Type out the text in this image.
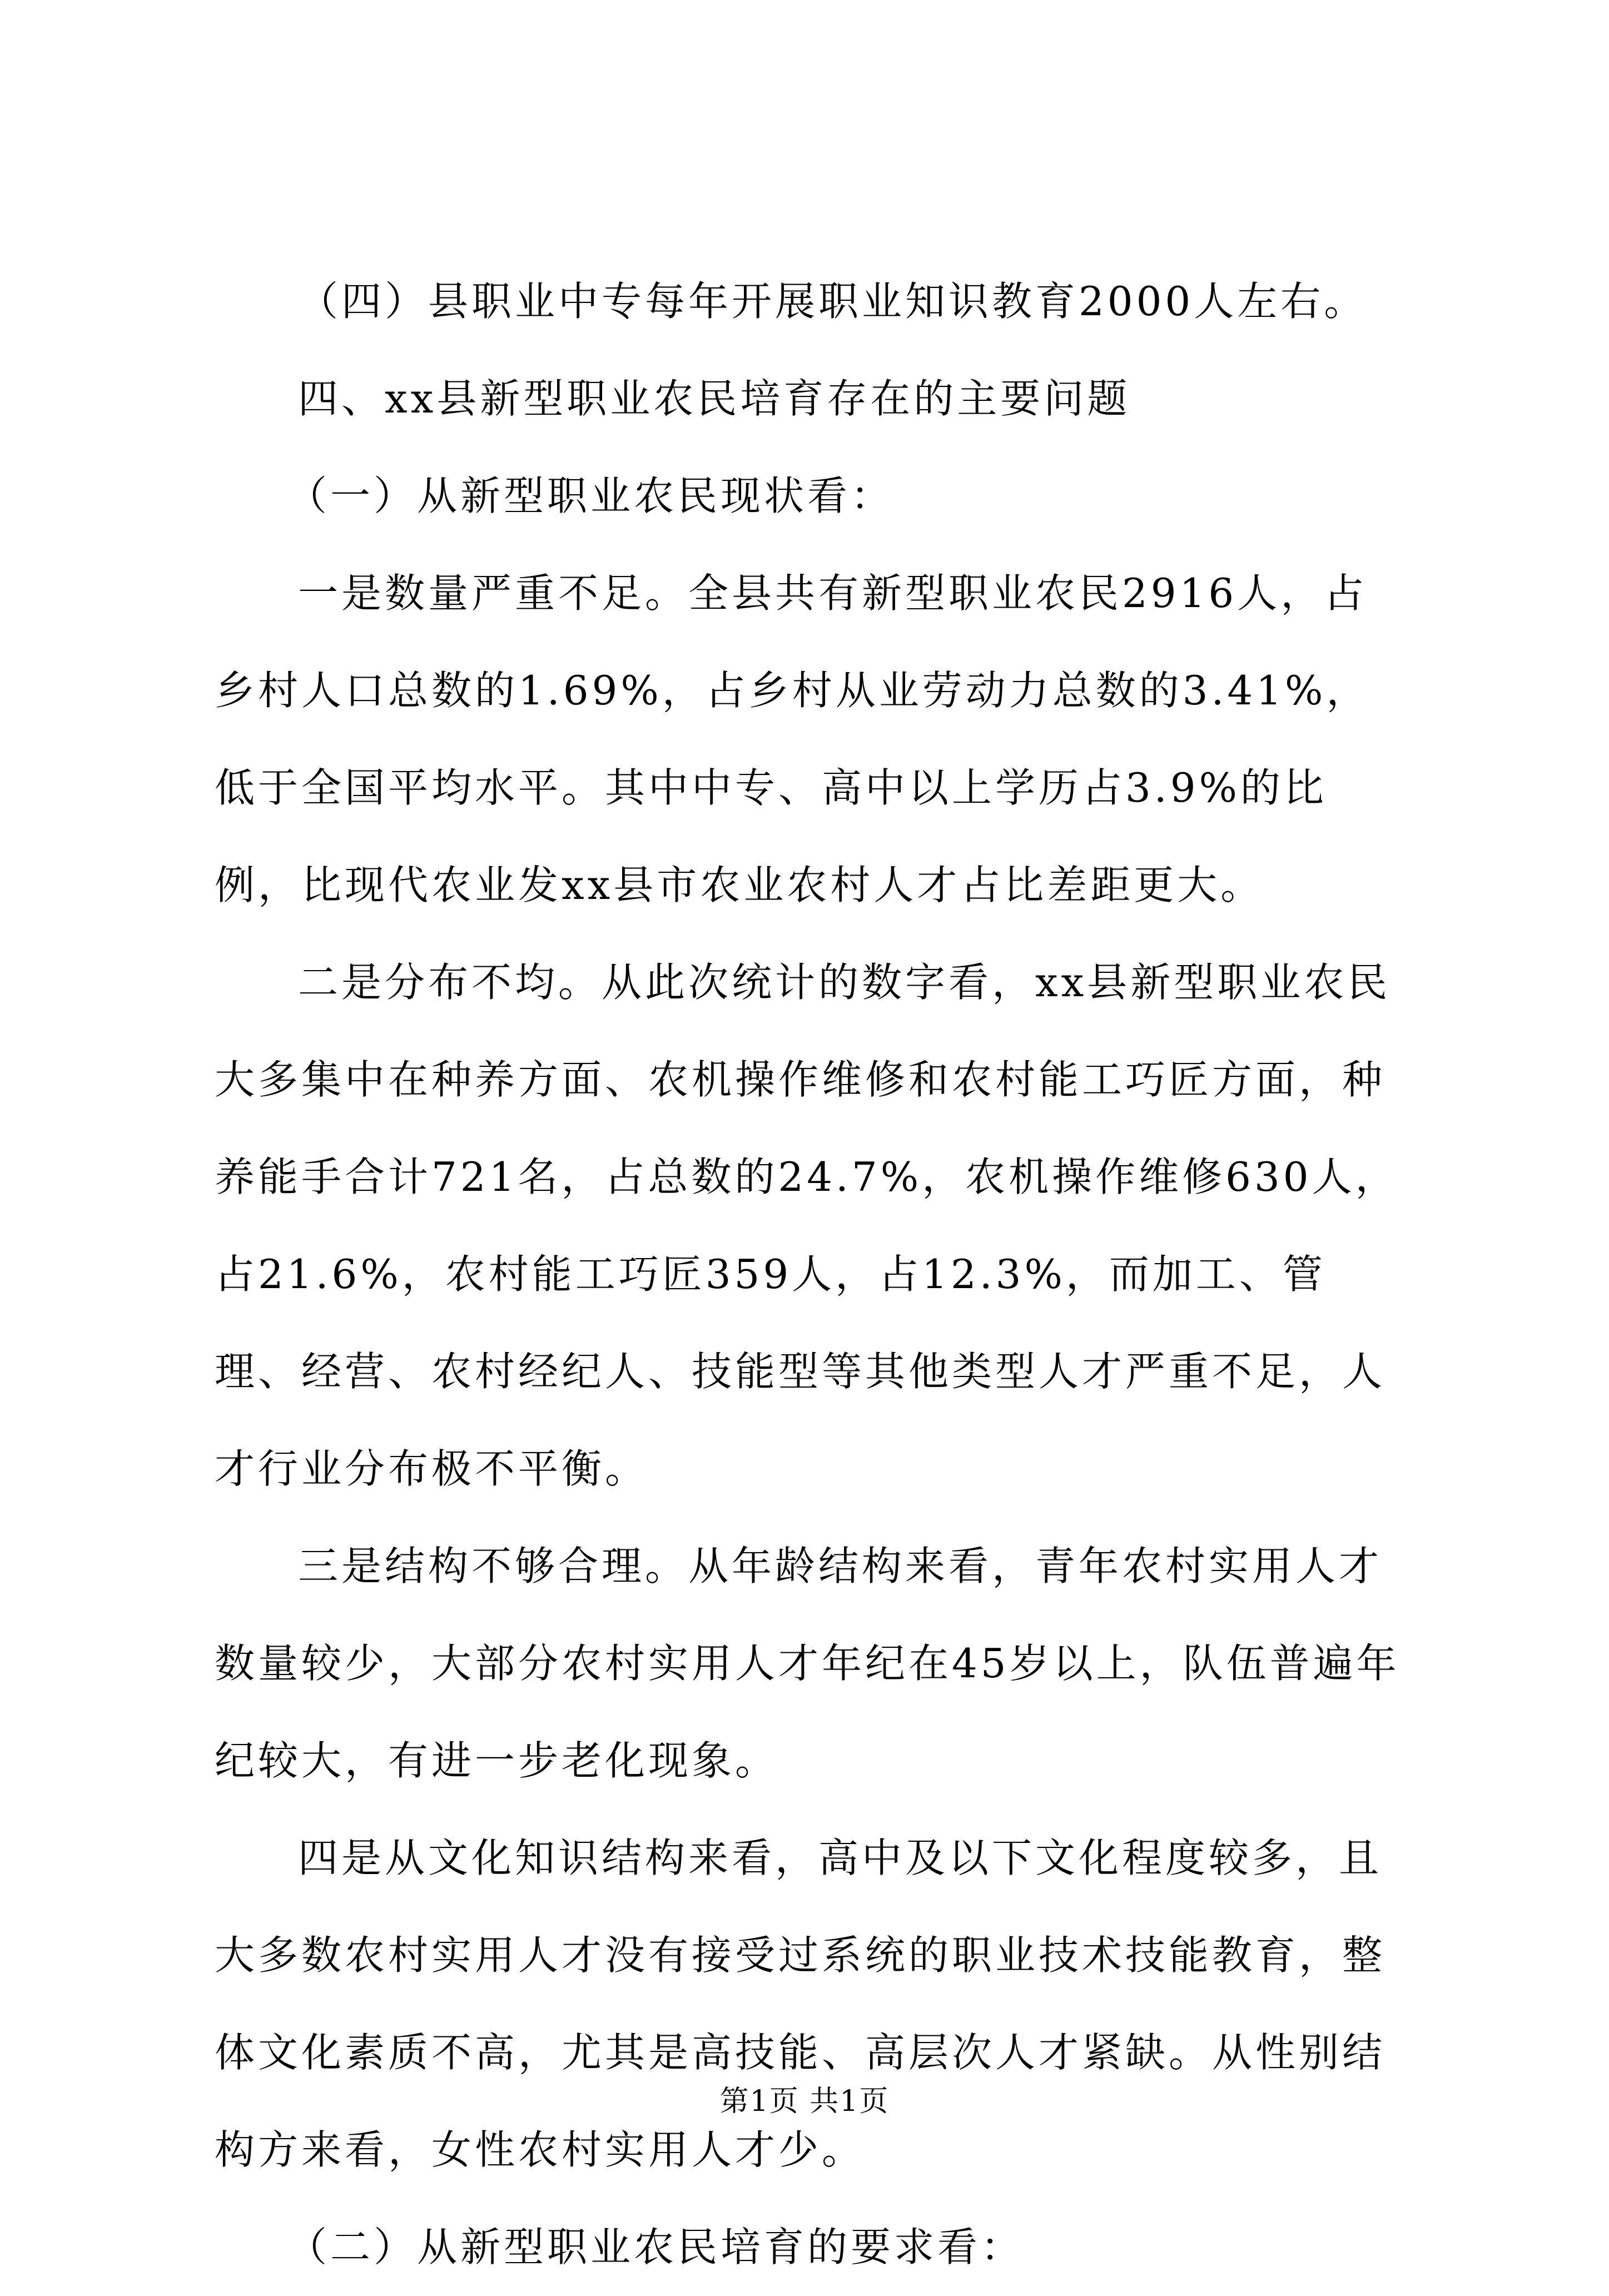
（四）县职业中专每年开展职业知识教育2000人左右。

四、xx县新型职业农民培育存在的主要问题

（一）从新型职业农民现状看：

一是数量严重不足。全县共有新型职业农民2916人，占乡村人口总数的1.69%，占乡村从业劳动力总数的3.41%，低于全国平均水平。其中中专、高中以上学历占3.9%的比例，比现代农业发xx县市农业农村人才占比差距更大。

二是分布不均。从此次统计的数字看，xx县新型职业农民大多集中在种养方面、农机操作维修和农村能工巧匠方面，种养能手合计721名，占总数的24.7%，农机操作维修630人，占21.6%，农村能工巧匠359人，占12.3%，而加工、管理、经营、农村经纪人、技能型等其他类型人才严重不足，人才行业分布极不平衡。

三是结构不够合理。从年龄结构来看，青年农村实用人才数量较少，大部分农村实用人才年纪在45岁以上，队伍普遍年纪较大，有进一步老化现象。

四是从文化知识结构来看，高中及以下文化程度较多，且大多数农村实用人才没有接受过系统的职业技术技能教育，整体文化素质不高，尤其是高技能、高层次人才紧缺。从性别结构方来看，女性农村实用人才少。

（二）从新型职业农民培育的要求看：

第1页 共1页
